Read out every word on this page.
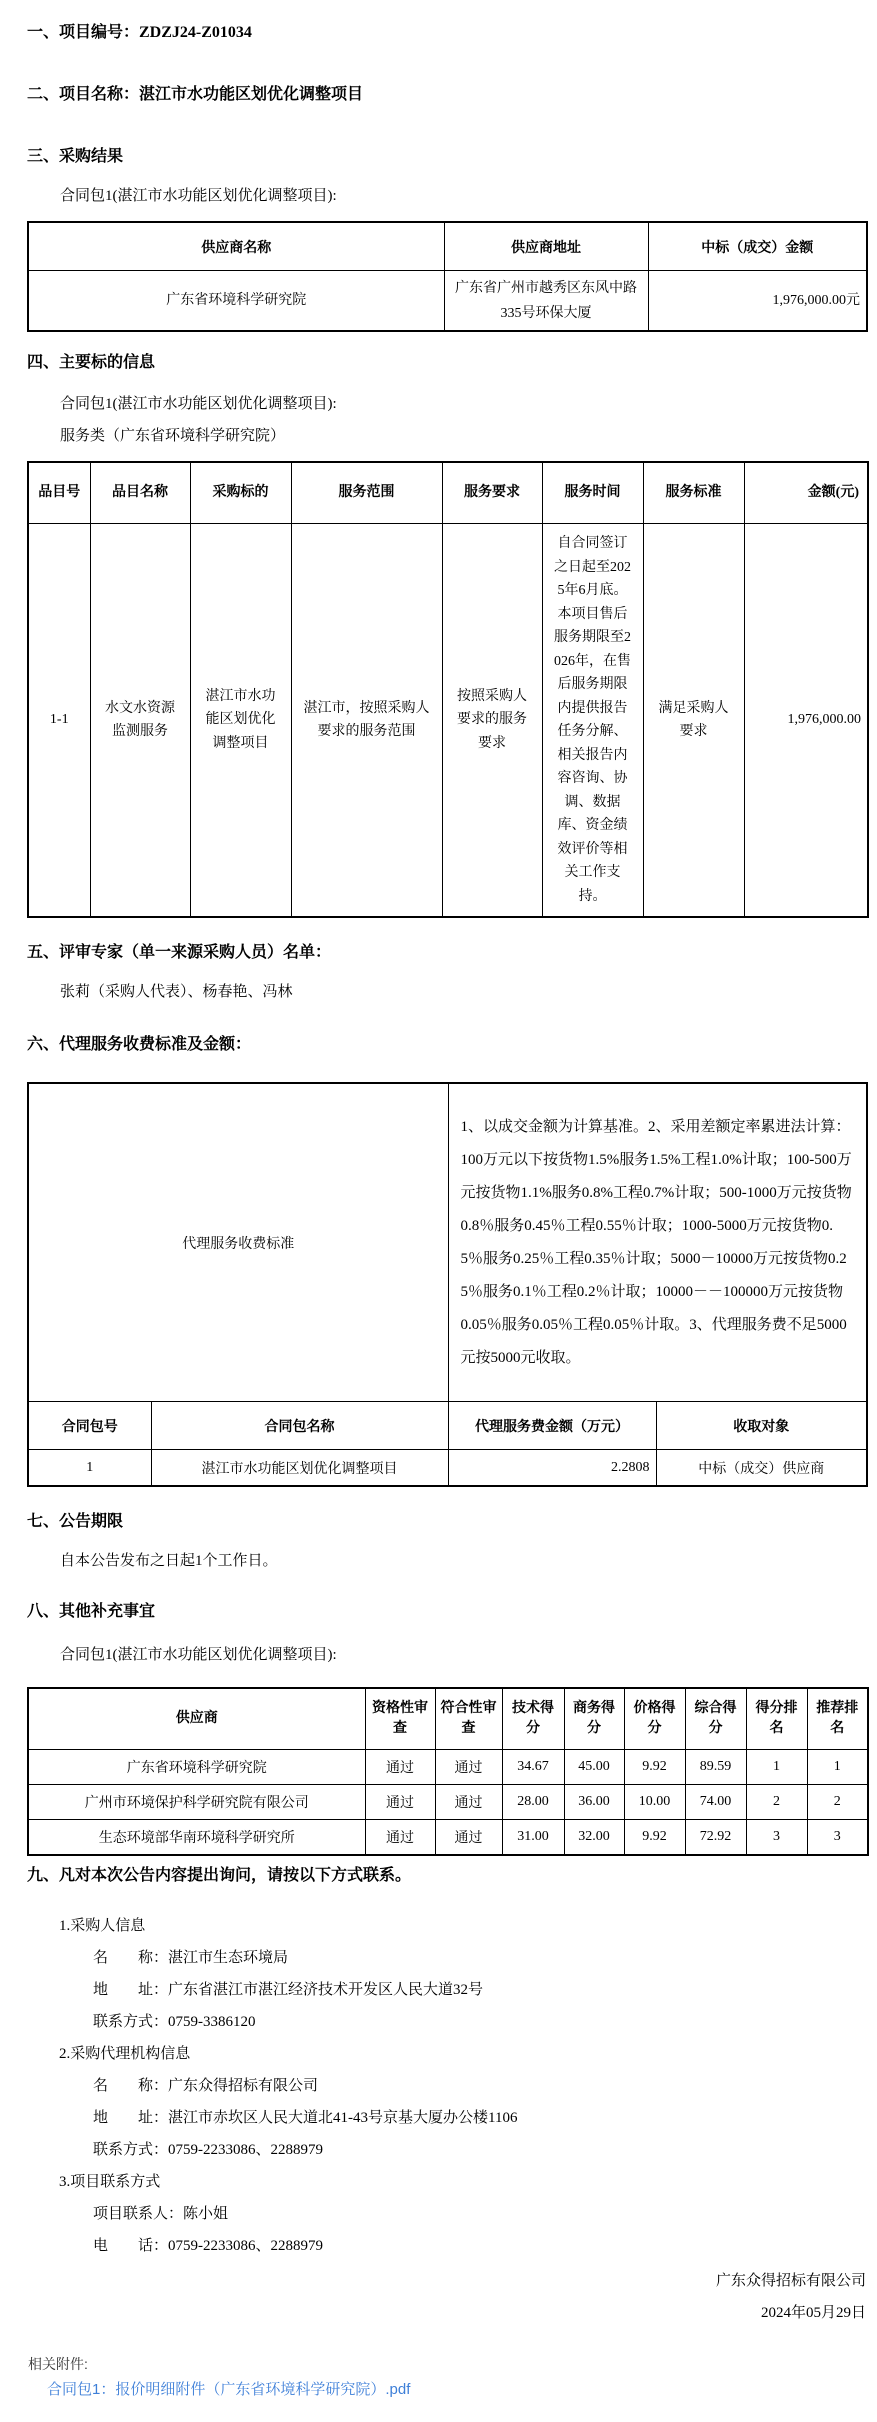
一、项目编号：ZDZJ24-Z01034

二、项目名称：湛江市水功能区划优化调整项目

三、采购结果

合同包1(湛江市水功能区划优化调整项目):
供应商名称	供应商地址	中标（成交）金额
广东省环境科学研究院	广东省广州市越秀区东风中路335号环保大厦	1,976,000.00元

四、主要标的信息

合同包1(湛江市水功能区划优化调整项目):
服务类（广东省环境科学研究院）
品目号	品目名称	采购标的	服务范围	服务要求	服务时间	服务标准	金额(元)
1-1	水文水资源监测服务	湛江市水功能区划优化调整项目	湛江市，按照采购人要求的服务范围	按照采购人要求的服务要求	自合同签订之日起至2025年6月底。本项目售后服务期限至2026年，在售后服务期限内提供报告任务分解、相关报告内容咨询、协调、数据库、资金绩效评价等相关工作支持。	满足采购人要求	1,976,000.00

五、评审专家（单一来源采购人员）名单：

张莉（采购人代表）、杨春艳、冯林

六、代理服务收费标准及金额：

代理服务收费标准		1、以成交金额为计算基准。2、采用差额定率累进法计算：100万元以下按货物1.5%服务1.5%工程1.0%计取；100-500万元按货物1.1%服务0.8%工程0.7%计取；500-1000万元按货物0.8％服务0.45％工程0.55％计取；1000-5000万元按货物0.5％服务0.25％工程0.35％计取；5000－10000万元按货物0.25％服务0.1％工程0.2％计取；10000－－100000万元按货物0.05％服务0.05％工程0.05％计取。3、代理服务费不足5000元按5000元收取。	
合同包号	合同包名称	代理服务费金额（万元）	收取对象
1	湛江市水功能区划优化调整项目	2.2808	中标（成交）供应商

七、公告期限

自本公告发布之日起1个工作日。

八、其他补充事宜

合同包1(湛江市水功能区划优化调整项目):
供应商	资格性审查	符合性审查	技术得分	商务得分	价格得分	综合得分	得分排名	推荐排名
广东省环境科学研究院	通过	通过	34.67	45.00	9.92	89.59	1	1
广州市环境保护科学研究院有限公司	通过	通过	28.00	36.00	10.00	74.00	2	2
生态环境部华南环境科学研究所	通过	通过	31.00	32.00	9.92	72.92	3	3

九、凡对本次公告内容提出询问，请按以下方式联系。

1.采购人信息
名　　称：湛江市生态环境局
地　　址：广东省湛江市湛江经济技术开发区人民大道32号
联系方式：0759-3386120
2.采购代理机构信息
名　　称：广东众得招标有限公司
地　　址：湛江市赤坎区人民大道北41-43号京基大厦办公楼1106
联系方式：0759-2233086、2288979
3.项目联系方式
项目联系人：陈小姐
电　　话：0759-2233086、2288979
广东众得招标有限公司
2024年05月29日
相关附件:
合同包1：报价明细附件（广东省环境科学研究院）.pdf
